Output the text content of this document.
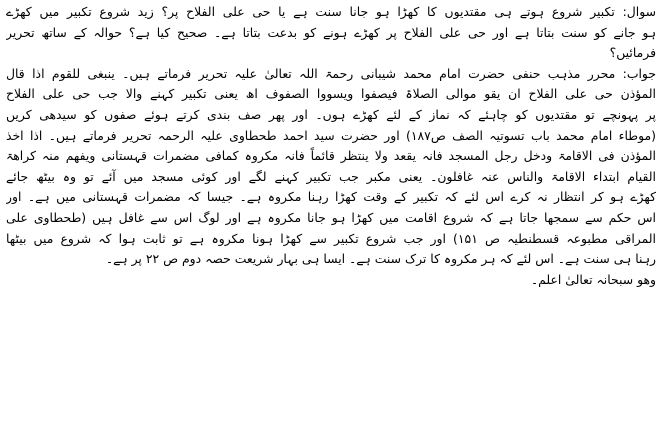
سوال: تکبیر شروع ہوتے ہی مقتدیوں کا کھڑا ہو جانا سنت ہے یا حی علی الفلاح پر؟ زید شروع تکبیر میں کھڑے
ہو جانے کو سنت بتاتا ہے اور حی علی الفلاح پر کھڑے ہونے کو بدعت بتاتا ہے۔ صحیح کیا ہے؟ حوالہ کے ساتھ تحریر
فرمائیں؟
جواب: محرر مذہب حنفی حضرت امام محمد شیبانی رحمۃ اللہ تعالیٰ علیہ تحریر فرماتے ہیں۔ ینبغی للقوم اذا قال
المؤذن حی علی الفلاح ان یقو موالی الصلاۃ فیصفوا ویسووا الصفوف اھ یعنی تکبیر کہنے والا جب حی علی الفلاح
پر پہونچے تو مقتدیوں کو چاہئے کہ نماز کے لئے کھڑے ہوں۔ اور پھر صف بندی کرتے ہوئے صفوں کو سیدھی کریں
(موطاء امام محمد باب تسوتیہ الصف ص۱۸۷) اور حضرت سید احمد طحطاوی علیہ الرحمہ تحریر فرماتے ہیں۔ اذا اخذ
المؤذن فی الاقامۃ ودخل رجل المسجد فانہ یقعد ولا ینتظر قائماً فانہ مکروہ کمافی مضمرات قہستانی ویفھم منہ کراھۃ
القیام ابتداء الاقامۃ والناس عنہ غافلون۔ یعنی مکبر جب تکبیر کہنے لگے اور کوئی مسجد میں آئے تو وہ بیٹھ جائے
کھڑے ہو کر انتظار نہ کرے اس لئے کہ تکبیر کے وقت کھڑا رہنا مکروہ ہے۔ جیسا کہ مضمرات قہستانی میں ہے۔ اور
اس حکم سے سمجھا جاتا ہے کہ شروع اقامت میں کھڑا ہو جانا مکروہ ہے اور لوگ اس سے غافل ہیں (طحطاوی علی
المراقی مطبوعہ قسطنطیہ ص ۱۵۱) اور جب شروع تکبیر سے کھڑا ہونا مکروہ ہے تو ثابت ہوا کہ شروع میں بیٹھا
رہنا ہی سنت ہے۔ اس لئے کہ ہر مکروہ کا ترک سنت ہے۔ ایسا ہی بہار شریعت حصہ دوم ص ۲۲ پر ہے۔
وھو سبحانہ تعالیٰ اعلم۔
